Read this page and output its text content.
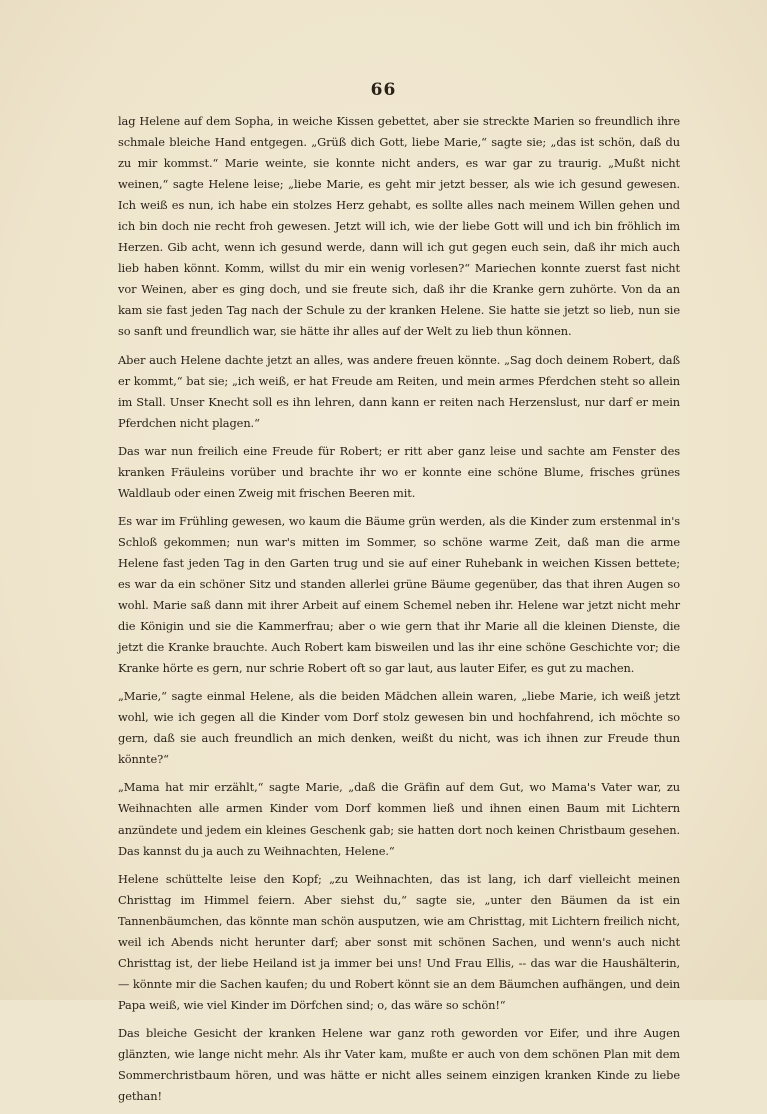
66

lag Helene auf dem Sopha, in weiche Kissen gebettet, aber sie streckte Marien so freundlich ihre schmale bleiche Hand entgegen. „Grüß dich Gott, liebe Marie,“ sagte sie; „das ist schön, daß du zu mir kommst.“ Marie weinte, sie konnte nicht anders, es war gar zu traurig. „Mußt nicht weinen,“ sagte Helene leise; „liebe Marie, es geht mir jetzt besser, als wie ich gesund gewesen. Ich weiß es nun, ich habe ein stolzes Herz gehabt, es sollte alles nach meinem Willen gehen und ich bin doch nie recht froh gewesen. Jetzt will ich, wie der liebe Gott will und ich bin fröhlich im Herzen. Gib acht, wenn ich gesund werde, dann will ich gut gegen euch sein, daß ihr mich auch lieb haben könnt. Komm, willst du mir ein wenig vorlesen?“ Mariechen konnte zuerst fast nicht vor Weinen, aber es ging doch, und sie freute sich, daß ihr die Kranke gern zuhörte. Von da an kam sie fast jeden Tag nach der Schule zu der kranken Helene. Sie hatte sie jetzt so lieb, nun sie so sanft und freundlich war, sie hätte ihr alles auf der Welt zu lieb thun können.

Aber auch Helene dachte jetzt an alles, was andere freuen könnte. „Sag doch deinem Robert, daß er kommt,“ bat sie; „ich weiß, er hat Freude am Reiten, und mein armes Pferdchen steht so allein im Stall. Unser Knecht soll es ihn lehren, dann kann er reiten nach Herzenslust, nur darf er mein Pferdchen nicht plagen.“

Das war nun freilich eine Freude für Robert; er ritt aber ganz leise und sachte am Fenster des kranken Fräuleins vorüber und brachte ihr wo er konnte eine schöne Blume, frisches grünes Waldlaub oder einen Zweig mit frischen Beeren mit.

Es war im Frühling gewesen, wo kaum die Bäume grün werden, als die Kinder zum erstenmal in's Schloß gekommen; nun war's mitten im Sommer, so schöne warme Zeit, daß man die arme Helene fast jeden Tag in den Garten trug und sie auf einer Ruhebank in weichen Kissen bettete; es war da ein schöner Sitz und standen allerlei grüne Bäume gegenüber, das that ihren Augen so wohl. Marie saß dann mit ihrer Arbeit auf einem Schemel neben ihr. Helene war jetzt nicht mehr die Königin und sie die Kammerfrau; aber o wie gern that ihr Marie all die kleinen Dienste, die jetzt die Kranke brauchte. Auch Robert kam bisweilen und las ihr eine schöne Geschichte vor; die Kranke hörte es gern, nur schrie Robert oft so gar laut, aus lauter Eifer, es gut zu machen.

„Marie,“ sagte einmal Helene, als die beiden Mädchen allein waren, „liebe Marie, ich weiß jetzt wohl, wie ich gegen all die Kinder vom Dorf stolz gewesen bin und hochfahrend, ich möchte so gern, daß sie auch freundlich an mich denken, weißt du nicht, was ich ihnen zur Freude thun könnte?“

„Mama hat mir erzählt,“ sagte Marie, „daß die Gräfin auf dem Gut, wo Mama's Vater war, zu Weihnachten alle armen Kinder vom Dorf kommen ließ und ihnen einen Baum mit Lichtern anzündete und jedem ein kleines Geschenk gab; sie hatten dort noch keinen Christbaum gesehen. Das kannst du ja auch zu Weihnachten, Helene.“

Helene schüttelte leise den Kopf; „zu Weihnachten, das ist lang, ich darf vielleicht meinen Christtag im Himmel feiern. Aber siehst du,“ sagte sie, „unter den Bäumen da ist ein Tannenbäumchen, das könnte man schön ausputzen, wie am Christtag, mit Lichtern freilich nicht, weil ich Abends nicht herunter darf; aber sonst mit schönen Sachen, und wenn's auch nicht Christtag ist, der liebe Heiland ist ja immer bei uns! Und Frau Ellis, -- das war die Haushälterin, — könnte mir die Sachen kaufen; du und Robert könnt sie an dem Bäumchen aufhängen, und dein Papa weiß, wie viel Kinder im Dörfchen sind; o, das wäre so schön!“

Das bleiche Gesicht der kranken Helene war ganz roth geworden vor Eifer, und ihre Augen glänzten, wie lange nicht mehr. Als ihr Vater kam, mußte er auch von dem schönen Plan mit dem Sommerchristbaum hören, und was hätte er nicht alles seinem einzigen kranken Kinde zu liebe gethan!
